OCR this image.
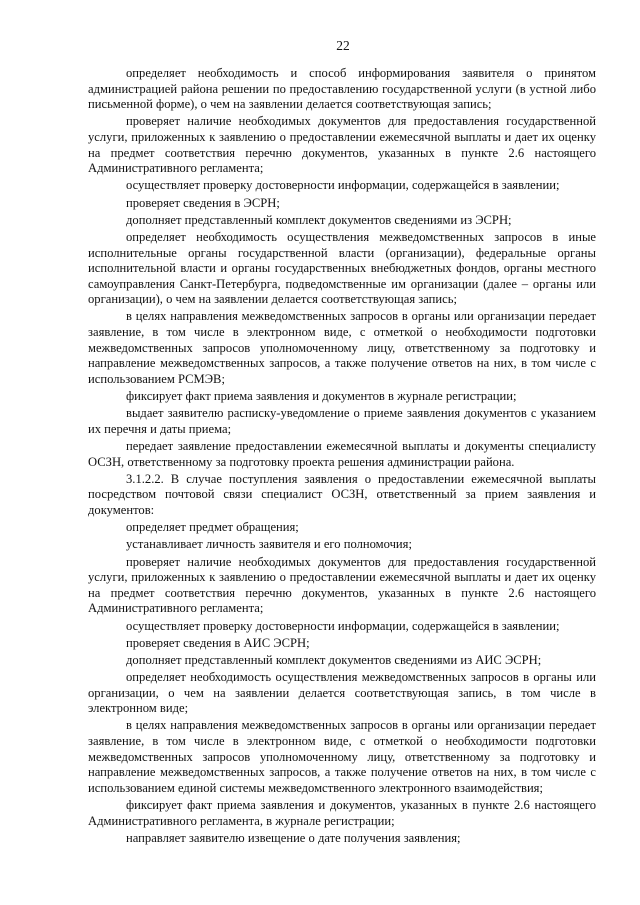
22

определяет необходимость и способ информирования заявителя о принятом администрацией района решении по предоставлению государственной услуги (в устной либо письменной форме), о чем на заявлении делается соответствующая запись;

проверяет наличие необходимых документов для предоставления государственной услуги, приложенных к заявлению о предоставлении ежемесячной выплаты и дает их оценку на предмет соответствия перечню документов, указанных в пункте 2.6 настоящего Административного регламента;

осуществляет проверку достоверности информации, содержащейся в заявлении;

проверяет сведения в ЭСРН;

дополняет представленный комплект документов сведениями из ЭСРН;

определяет необходимость осуществления межведомственных запросов в иные исполнительные органы государственной власти (организации), федеральные органы исполнительной власти и органы государственных внебюджетных фондов, органы местного самоуправления Санкт-Петербурга, подведомственные им организации (далее – органы или организации), о чем на заявлении делается соответствующая запись;

в целях направления межведомственных запросов в органы или организации передает заявление, в том числе в электронном виде, с отметкой о необходимости подготовки межведомственных запросов уполномоченному лицу, ответственному за подготовку и направление межведомственных запросов, а также получение ответов на них, в том числе с использованием РСМЭВ;

фиксирует факт приема заявления и документов в журнале регистрации;

выдает заявителю расписку-уведомление о приеме заявления документов с указанием их перечня и даты приема;

передает заявление предоставлении ежемесячной выплаты и документы специалисту ОСЗН, ответственному за подготовку проекта решения администрации района.

3.1.2.2. В случае поступления заявления о предоставлении ежемесячной выплаты посредством почтовой связи специалист ОСЗН, ответственный за прием заявления и документов:

определяет предмет обращения;

устанавливает личность заявителя и его полномочия;

проверяет наличие необходимых документов для предоставления государственной услуги, приложенных к заявлению о предоставлении ежемесячной выплаты и дает их оценку на предмет соответствия перечню документов, указанных в пункте 2.6 настоящего Административного регламента;

осуществляет проверку достоверности информации, содержащейся в заявлении;

проверяет сведения в АИС ЭСРН;

дополняет представленный комплект документов сведениями из АИС ЭСРН;

определяет необходимость осуществления межведомственных запросов в органы или организации, о чем на заявлении делается соответствующая запись, в том числе в электронном виде;

в целях направления межведомственных запросов в органы или организации передает заявление, в том числе в электронном виде, с отметкой о необходимости подготовки межведомственных запросов уполномоченному лицу, ответственному за подготовку и направление межведомственных запросов, а также получение ответов на них, в том числе с использованием единой системы межведомственного электронного взаимодействия;

фиксирует факт приема заявления и документов, указанных в пункте 2.6 настоящего Административного регламента, в журнале регистрации;

направляет заявителю извещение о дате получения заявления;
